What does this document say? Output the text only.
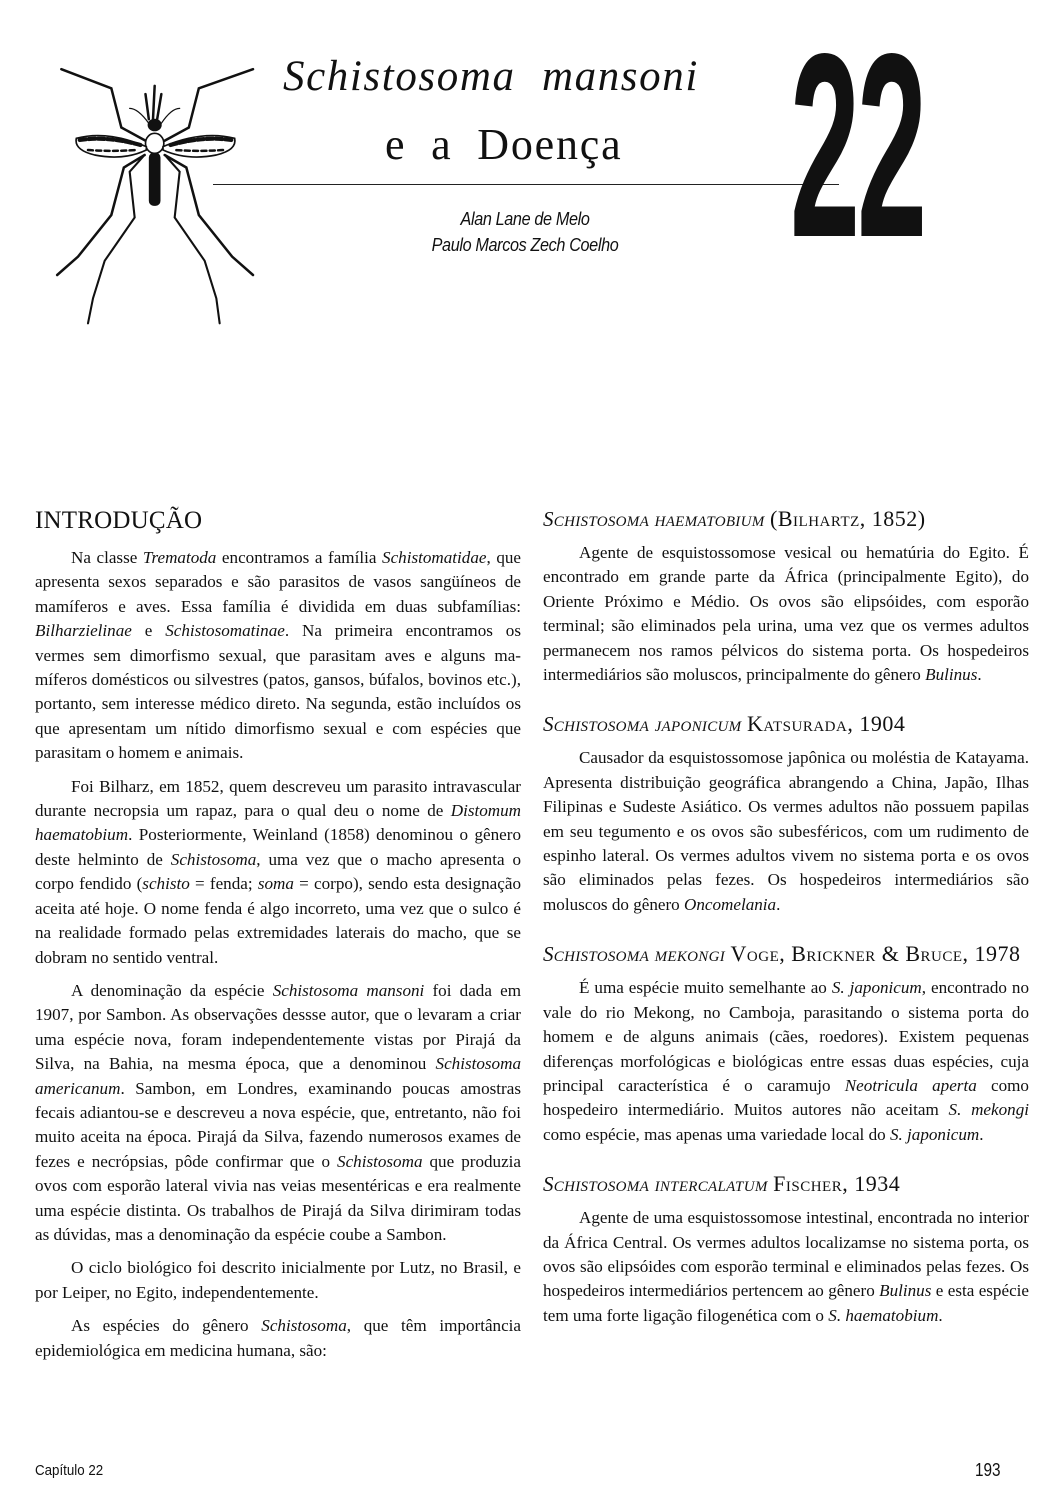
Schistosoma mansoni
e a Doença 22
Alan Lane de Melo
Paulo Marcos Zech Coelho
INTRODUÇÃO

Na classe Trematoda encontramos a família Schistomatidae, que apresenta sexos separados e são parasitos de vasos sangüíneos de mamíferos e aves. Essa família é dividida em duas subfamílias: Bilharzielinae e Schistosomatinae. Na primeira encontramos os vermes sem dimorfismo sexual, que parasitam aves e alguns mamíferos domésticos ou silvestres (patos, gansos, búfalos, bovinos etc.), portanto, sem interesse médico direto. Na segunda, estão incluídos os que apresentam um nítido dimorfismo sexual e com espécies que parasitam o homem e animais.

Foi Bilharz, em 1852, quem descreveu um parasito intravascular durante necropsia um rapaz, para o qual deu o nome de Distomum haematobium. Posteriormente, Weinland (1858) denominou o gênero deste helminto de Schistosoma, uma vez que o macho apresenta o corpo fendido (schisto = fenda; soma = corpo), sendo esta designação aceita até hoje. O nome fenda é algo incorreto, uma vez que o sulco é na realidade formado pelas extremidades laterais do macho, que se dobram no sentido ventral.

A denominação da espécie Schistosoma mansoni foi dada em 1907, por Sambon. As observações dessse autor, que o levaram a criar uma espécie nova, foram independentemente vistas por Pirajá da Silva, na Bahia, na mesma época, que a denominou Schistosoma americanum. Sambon, em Londres, examinando poucas amostras fecais adiantou-se e descreveu a nova espécie, que, entretanto, não foi muito aceita na época. Pirajá da Silva, fazendo numerosos exames de fezes e necrópsias, pôde confirmar que o Schistosoma que produzia ovos com esporão lateral vivia nas veias mesentéricas e era realmente uma espécie distinta. Os trabalhos de Pirajá da Silva dirimiram todas as dúvidas, mas a denominação da espécie coube a Sambon.

O ciclo biológico foi descrito inicialmente por Lutz, no Brasil, e por Leiper, no Egito, independentemente.

As espécies do gênero Schistosoma, que têm importância epidemiológica em medicina humana, são:

Schistosoma haematobium (Bilhartz, 1852)

Agente de esquistossomose vesical ou hematúria do Egito. É encontrado em grande parte da África (principalmente Egito), do Oriente Próximo e Médio. Os ovos são elipsóides, com esporão terminal; são eliminados pela urina, uma vez que os vermes adultos permanecem nos ramos pélvicos do sistema porta. Os hospedeiros intermediários são moluscos, principalmente do gênero Bulinus.

Schistosoma japonicum Katsurada, 1904

Causador da esquistossomose japônica ou moléstia de Katayama. Apresenta distribuição geográfica abrangendo a China, Japão, Ilhas Filipinas e Sudeste Asiático. Os vermes adultos não possuem papilas em seu tegumento e os ovos são subesféricos, com um rudimento de espinho lateral. Os vermes adultos vivem no sistema porta e os ovos são eliminados pelas fezes. Os hospedeiros intermediários são moluscos do gênero Oncomelania.

Schistosoma mekongi Voge, Brickner & Bruce, 1978

É uma espécie muito semelhante ao S. japonicum, encontrado no vale do rio Mekong, no Camboja, parasitando o sistema porta do homem e de alguns animais (cães, roedores). Existem pequenas diferenças morfológicas e biológicas entre essas duas espécies, cuja principal característica é o caramujo Neotricula aperta como hospedeiro intermediário. Muitos autores não aceitam S. mekongi como espécie, mas apenas uma variedade local do S. japonicum.

Schistosoma intercalatum Fischer, 1934

Agente de uma esquistossomose intestinal, encontrada no interior da África Central. Os vermes adultos localizamse no sistema porta, os ovos são elipsóides com esporão terminal e eliminados pelas fezes. Os hospedeiros intermediários pertencem ao gênero Bulinus e esta espécie tem uma forte ligação filogenética com o S. haematobium.

Capítulo 22	193
